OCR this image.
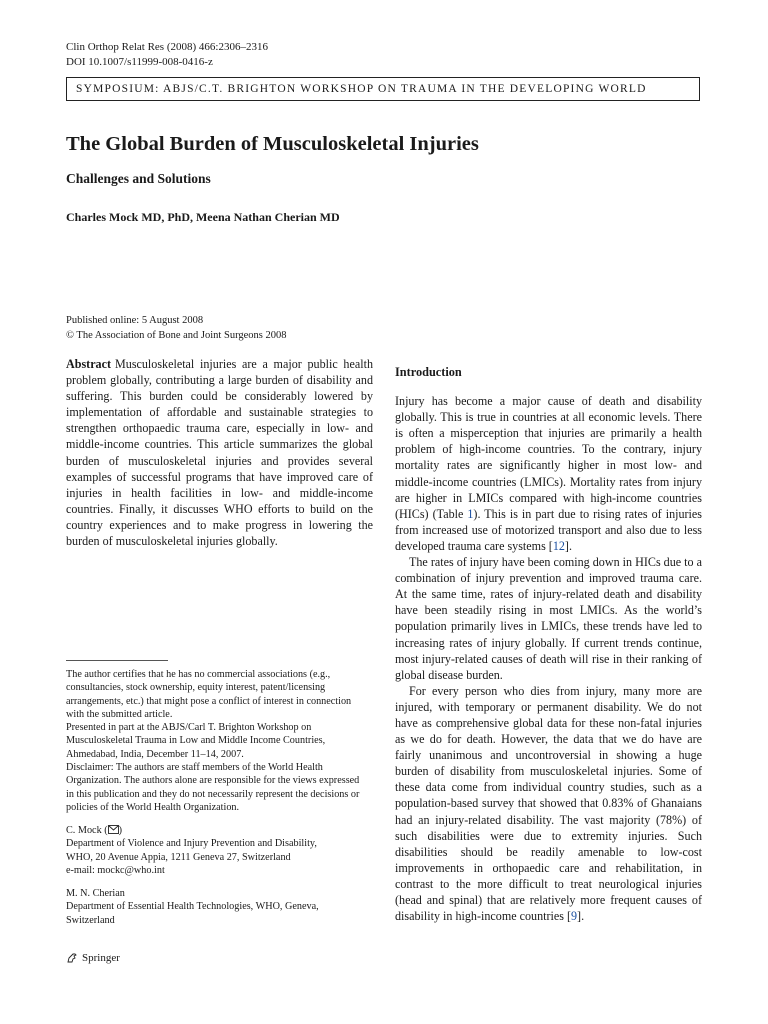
Clin Orthop Relat Res (2008) 466:2306–2316
DOI 10.1007/s11999-008-0416-z
SYMPOSIUM: ABJS/C.T. BRIGHTON WORKSHOP ON TRAUMA IN THE DEVELOPING WORLD
The Global Burden of Musculoskeletal Injuries
Challenges and Solutions
Charles Mock MD, PhD, Meena Nathan Cherian MD
Published online: 5 August 2008
© The Association of Bone and Joint Surgeons 2008

Abstract Musculoskeletal injuries are a major public health problem globally, contributing a large burden of disability and suffering. This burden could be considerably lowered by implementation of affordable and sustainable strategies to strengthen orthopaedic trauma care, especially in low- and middle-income countries. This article summarizes the global burden of musculoskeletal injuries and provides several examples of successful programs that have improved care of injuries in health facilities in low- and middle-income countries. Finally, it discusses WHO efforts to build on the country experiences and to make progress in lowering the burden of musculoskeletal injuries globally.

The author certifies that he has no commercial associations (e.g., consultancies, stock ownership, equity interest, patent/licensing arrangements, etc.) that might pose a conflict of interest in connection with the submitted article.

Presented in part at the ABJS/Carl T. Brighton Workshop on Musculoskeletal Trauma in Low and Middle Income Countries, Ahmedabad, India, December 11–14, 2007.

Disclaimer: The authors are staff members of the World Health Organization. The authors alone are responsible for the views expressed in this publication and they do not necessarily represent the decisions or policies of the World Health Organization.

C. Mock ( )
Department of Violence and Injury Prevention and Disability,
WHO, 20 Avenue Appia, 1211 Geneva 27, Switzerland
e-mail: mockc@who.int
M. N. Cherian
Department of Essential Health Technologies, WHO, Geneva,
Switzerland
Introduction

Injury has become a major cause of death and disability globally. This is true in countries at all economic levels. There is often a misperception that injuries are primarily a health problem of high-income countries. To the contrary, injury mortality rates are significantly higher in most low- and middle-income countries (LMICs). Mortality rates from injury are higher in LMICs compared with high-income countries (HICs) (Table 1). This is in part due to rising rates of injuries from increased use of motorized transport and also due to less developed trauma care systems [12].

The rates of injury have been coming down in HICs due to a combination of injury prevention and improved trauma care. At the same time, rates of injury-related death and disability have been steadily rising in most LMICs. As the world’s population primarily lives in LMICs, these trends have led to increasing rates of injury globally. If current trends continue, most injury-related causes of death will rise in their ranking of global disease burden.

For every person who dies from injury, many more are injured, with temporary or permanent disability. We do not have as comprehensive global data for these non-fatal injuries as we do for death. However, the data that we do have are fairly unanimous and uncontroversial in showing a huge burden of disability from musculoskeletal injuries. Some of these data come from individual country studies, such as a population-based survey that showed that 0.83% of Ghanaians had an injury-related disability. The vast majority (78%) of such disabilities were due to extremity injuries. Such disabilities should be readily amenable to low-cost improvements in orthopaedic care and rehabilitation, in contrast to the more difficult to treat neurological injuries (head and spinal) that are relatively more frequent causes of disability in high-income countries [9].

Springer
